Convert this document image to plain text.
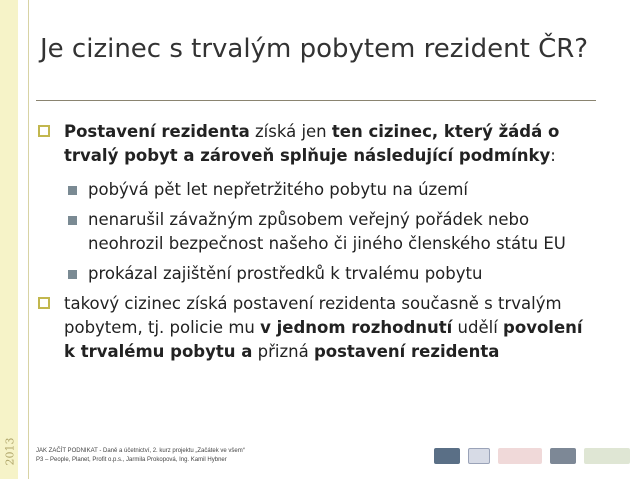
2013
Je cizinec s trvalým pobytem rezident ČR?
Postavení rezidenta získá jen ten cizinec, který žádá o trvalý pobyt a zároveň splňuje následující podmínky:
pobývá pět let nepřetržitého pobytu na území
nenarušil závažným způsobem veřejný pořádek nebo neohrozil bezpečnost našeho či jiného členského státu EU
prokázal zajištění prostředků k trvalému pobytu
takový cizinec získá postavení rezidenta současně s trvalým pobytem, tj. policie mu v jednom rozhodnutí udělí povolení k trvalému pobytu a přizná postavení rezidenta
JAK ZAČÍT PODNIKAT - Daně a účetnictví, 2. kurz projektu „Začátek ve všem“
P3 – People, Planet, Profit o.p.s., Jarmila Prokopová, Ing. Kamil Hybner
